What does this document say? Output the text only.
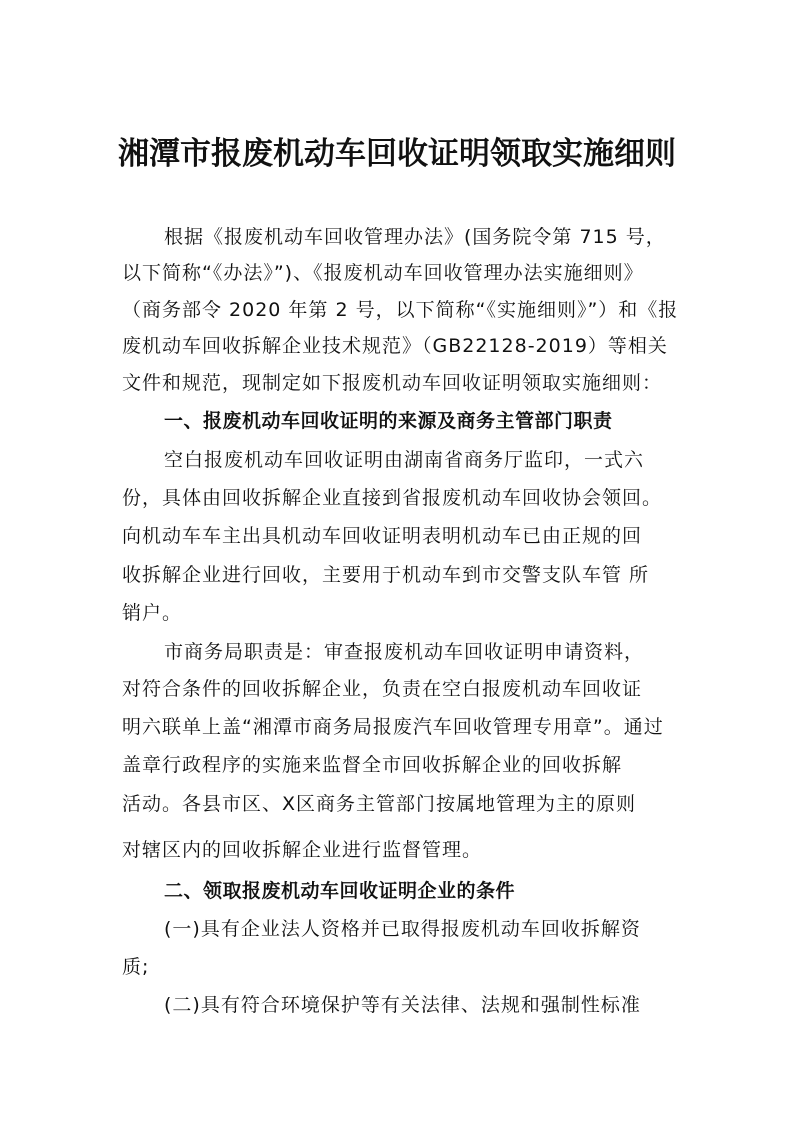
湘潭市报废机动车回收证明领取实施细则
根据《报废机动车回收管理办法》(国务院令第 715 号，
以下简称“《办法》”)、《报废机动车回收管理办法实施细则》
（商务部令 2020 年第 2 号，以下简称“《实施细则》”）和《报
废机动车回收拆解企业技术规范》（GB22128-2019）等相关
文件和规范，现制定如下报废机动车回收证明领取实施细则：
一、报废机动车回收证明的来源及商务主管部门职责
空白报废机动车回收证明由湖南省商务厅监印，一式六
份，具体由回收拆解企业直接到省报废机动车回收协会领回。
向机动车车主出具机动车回收证明表明机动车已由正规的回
收拆解企业进行回收，主要用于机动车到市交警支队车管 所
销户。
市商务局职责是：审查报废机动车回收证明申请资料，
对符合条件的回收拆解企业，负责在空白报废机动车回收证
明六联单上盖“湘潭市商务局报废汽车回收管理专用章”。通过
盖章行政程序的实施来监督全市回收拆解企业的回收拆解
活动。各县市区、X区商务主管部门按属地管理为主的原则
对辖区内的回收拆解企业进行监督管理。
二、领取报废机动车回收证明企业的条件
(一)具有企业法人资格并已取得报废机动车回收拆解资
质;
(二)具有符合环境保护等有关法律、法规和强制性标准
